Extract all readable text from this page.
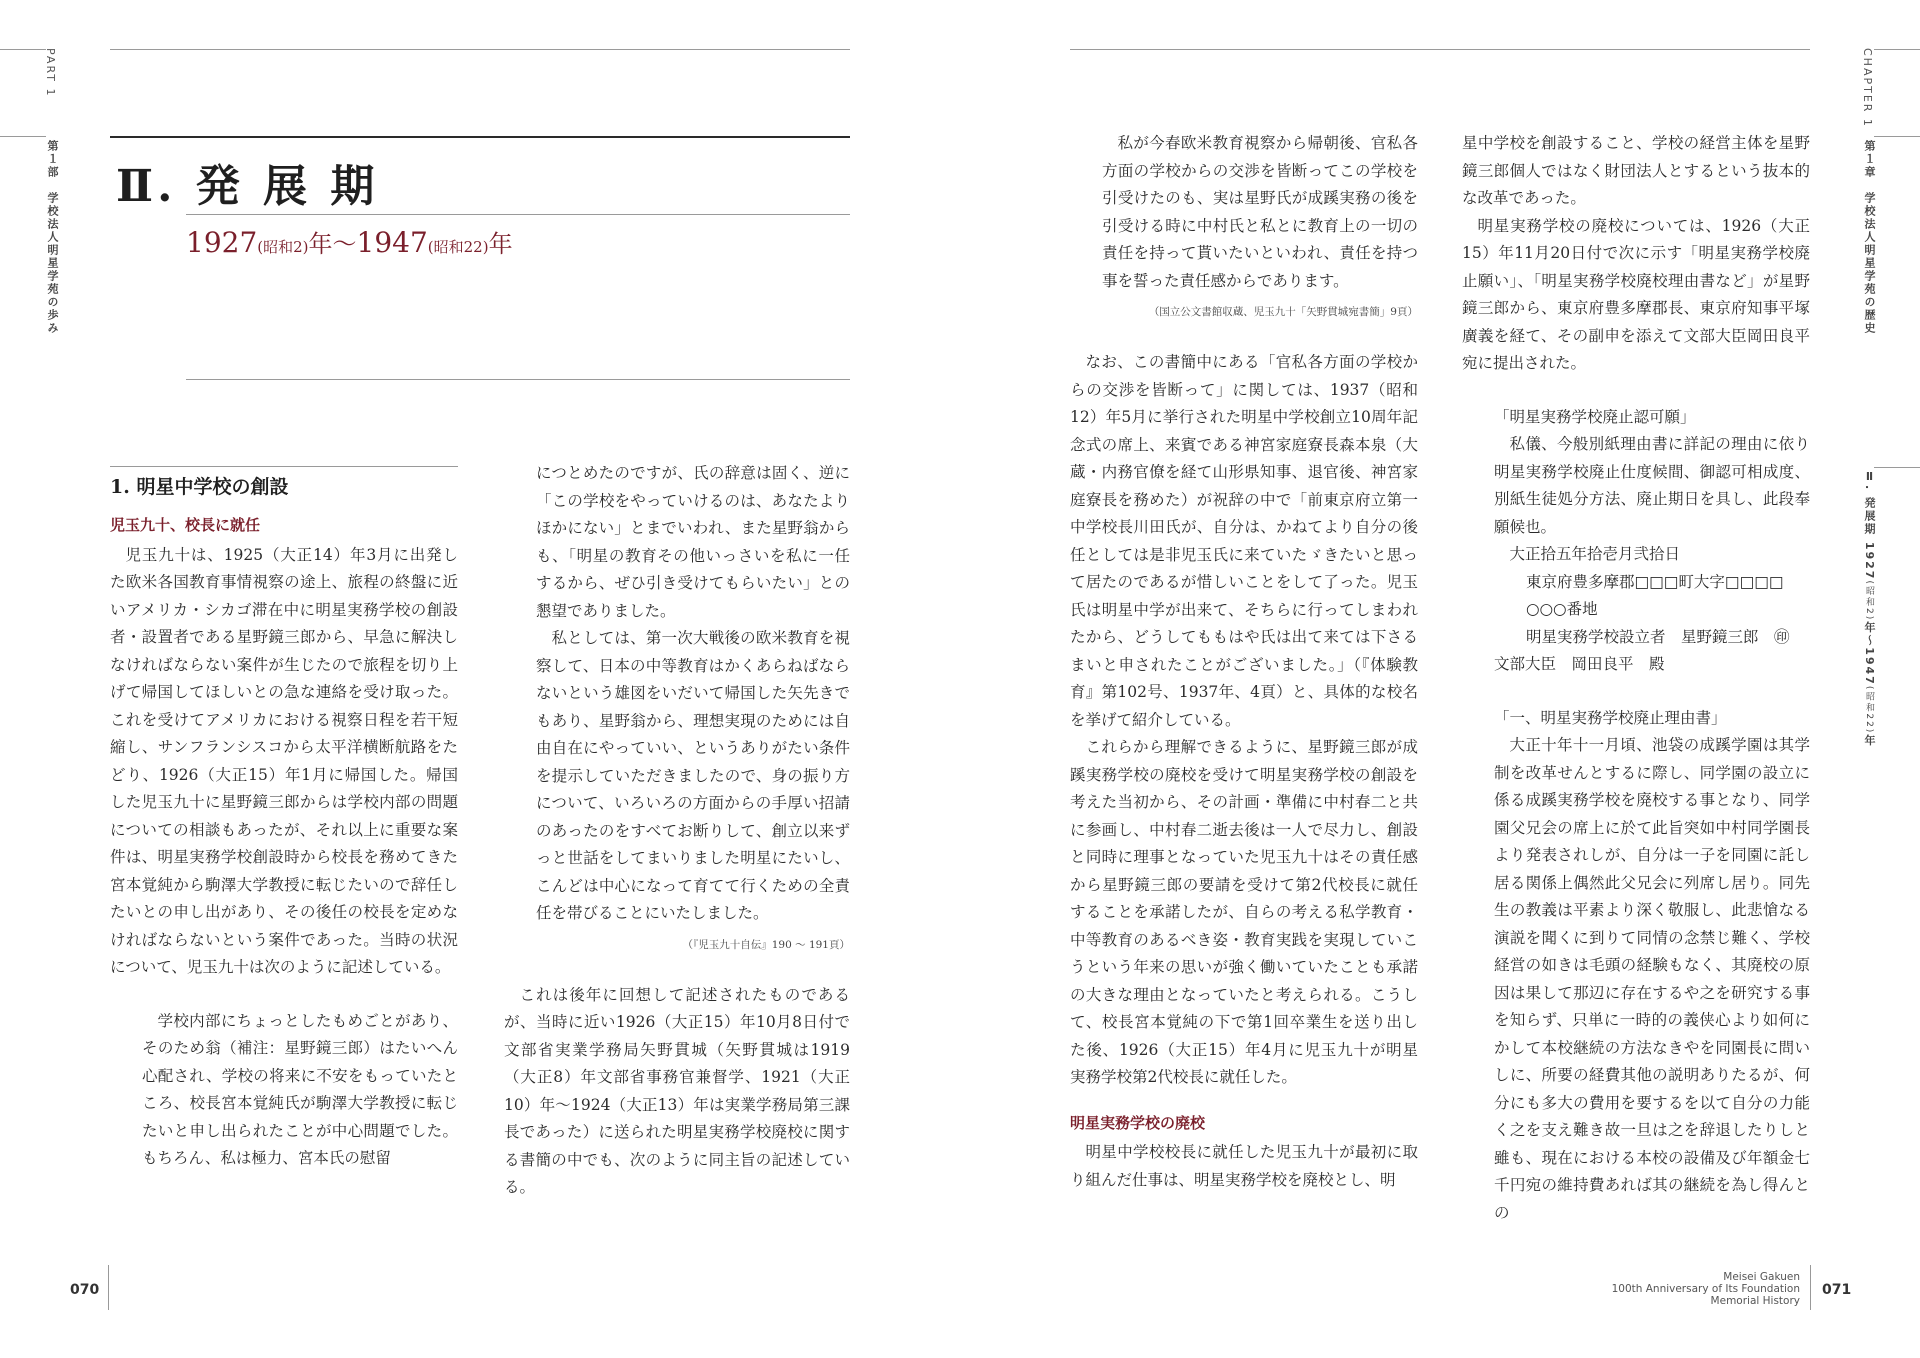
PART 1
第１部　学校法人明星学苑の歩み
CHAPTER 1
第１章　学校法人明星学苑の歴史
Ⅱ. 発展期 1927(昭和2)年～1947(昭和22)年
Ⅱ. 発 展 期
1927(昭和2)年～1947(昭和22)年
1. 明星中学校の創設
児玉九十、校長に就任

児玉九十は、1925（大正14）年3月に出発した欧米各国教育事情視察の途上、旅程の終盤に近いアメリカ・シカゴ滞在中に明星実務学校の創設者・設置者である星野鏡三郎から、早急に解決しなければならない案件が生じたので旅程を切り上げて帰国してほしいとの急な連絡を受け取った。これを受けてアメリカにおける視察日程を若干短縮し、サンフランシスコから太平洋横断航路をたどり、1926（大正15）年1月に帰国した。帰国した児玉九十に星野鏡三郎からは学校内部の問題についての相談もあったが、それ以上に重要な案件は、明星実務学校創設時から校長を務めてきた宮本覚純から駒澤大学教授に転じたいので辞任したいとの申し出があり、その後任の校長を定めなければならないという案件であった。当時の状況について、児玉九十は次のように記述している。

学校内部にちょっとしたもめごとがあり、そのため翁（補注：星野鏡三郎）はたいへん心配され、学校の将来に不安をもっていたところ、校長宮本覚純氏が駒澤大学教授に転じたいと申し出られたことが中心問題でした。もちろん、私は極力、宮本氏の慰留

につとめたのですが、氏の辞意は固く、逆に「この学校をやっていけるのは、あなたよりほかにない」とまでいわれ、また星野翁からも、「明星の教育その他いっさいを私に一任するから、ぜひ引き受けてもらいたい」との懇望でありました。

私としては、第一次大戦後の欧米教育を視察して、日本の中等教育はかくあらねばならないという雄図をいだいて帰国した矢先きでもあり、星野翁から、理想実現のためには自由自在にやっていい、というありがたい条件を提示していただきましたので、身の振り方について、いろいろの方面からの手厚い招請のあったのをすべてお断りして、創立以来ずっと世話をしてまいりました明星にたいし、こんどは中心になって育てて行くための全責任を帯びることにいたしました。

（『児玉九十自伝』190 ～ 191頁）

これは後年に回想して記述されたものであるが、当時に近い1926（大正15）年10月8日付で文部省実業学務局矢野貫城（矢野貫城は1919（大正8）年文部省事務官兼督学、1921（大正10）年～1924（大正13）年は実業学務局第三課長であった）に送られた明星実務学校廃校に関する書簡の中でも、次のように同主旨の記述している。

私が今春欧米教育視察から帰朝後、官私各方面の学校からの交渉を皆断ってこの学校を引受けたのも、実は星野氏が成蹊実務の後を引受ける時に中村氏と私とに教育上の一切の責任を持って貰いたいといわれ、責任を持つ事を誓った責任感からであります。

（国立公文書館収蔵、児玉九十「矢野貫城宛書簡」9頁）

なお、この書簡中にある「官私各方面の学校からの交渉を皆断って」に関しては、1937（昭和12）年5月に挙行された明星中学校創立10周年記念式の席上、来賓である神宮家庭寮長森本泉（大蔵・内務官僚を経て山形県知事、退官後、神宮家庭寮長を務めた）が祝辞の中で「前東京府立第一中学校長川田氏が、自分は、かねてより自分の後任としては是非児玉氏に来ていたゞきたいと思って居たのであるが惜しいことをして了った。児玉氏は明星中学が出来て、そちらに行ってしまわれたから、どうしてももはや氏は出て来ては下さるまいと申されたことがございました。」（『体験教育』第102号、1937年、4頁）と、具体的な校名を挙げて紹介している。

これらから理解できるように、星野鏡三郎が成蹊実務学校の廃校を受けて明星実務学校の創設を考えた当初から、その計画・準備に中村春二と共に参画し、中村春二逝去後は一人で尽力し、創設と同時に理事となっていた児玉九十はその責任感から星野鏡三郎の要請を受けて第2代校長に就任することを承諾したが、自らの考える私学教育・中等教育のあるべき姿・教育実践を実現していこうという年来の思いが強く働いていたことも承諾の大きな理由となっていたと考えられる。こうして、校長宮本覚純の下で第1回卒業生を送り出した後、1926（大正15）年4月に児玉九十が明星実務学校第2代校長に就任した。

明星実務学校の廃校

明星中学校校長に就任した児玉九十が最初に取り組んだ仕事は、明星実務学校を廃校とし、明

星中学校を創設すること、学校の経営主体を星野鏡三郎個人ではなく財団法人とするという抜本的な改革であった。

明星実務学校の廃校については、1926（大正15）年11月20日付で次に示す「明星実務学校廃止願い」、「明星実務学校廃校理由書など」が星野鏡三郎から、東京府豊多摩郡長、東京府知事平塚廣義を経て、その副申を添えて文部大臣岡田良平宛に提出された。

「明星実務学校廃止認可願」

私儀、今般別紙理由書に詳記の理由に依り明星実務学校廃止仕度候間、御認可相成度、別紙生徒処分方法、廃止期日を具し、此段奉願候也。

大正拾五年拾壱月弐拾日

東京府豊多摩郡□□□町大字□□□□

○○○番地

明星実務学校設立者　星野鏡三郎　㊞

文部大臣　岡田良平　殿

「一、明星実務学校廃止理由書」

大正十年十一月頃、池袋の成蹊学園は其学制を改革せんとするに際し、同学園の設立に係る成蹊実務学校を廃校する事となり、同学園父兄会の席上に於て此旨突如中村同学園長より発表されしが、自分は一子を同園に託し居る関係上偶然此父兄会に列席し居り。同先生の教義は平素より深く敬服し、此悲愴なる演説を聞くに到りて同情の念禁じ難く、学校経営の如きは毛頭の経験もなく、其廃校の原因は果して那辺に存在するや之を研究する事を知らず、只単に一時的の義侠心より如何にかして本校継続の方法なきやを同園長に問いしに、所要の経費其他の説明ありたるが、何分にも多大の費用を要するを以て自分の力能く之を支え難き故一旦は之を辞退したりしと雖も、現在における本校の設備及び年額金七千円宛の維持費あれば其の継続を為し得んとの

070
Meisei Gakuen
100th Anniversary of Its Foundation
Memorial History
071
